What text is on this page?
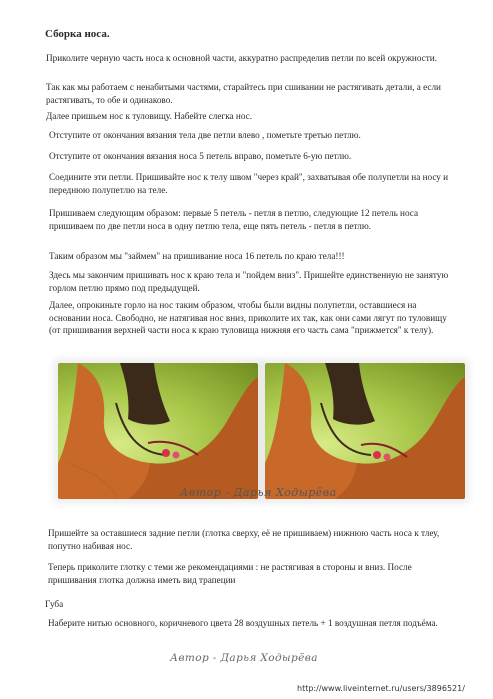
Сборка носа.

Приколите черную часть носа к основной части, аккуратно распределив петли по всей окружности.

Так как мы работаем с ненабитыми частями, старайтесь при сшивании не растягивать детали, а если растягивать, то обе и одинаково.

Далее пришьем нос к туловищу. Набейте слегка нос.

Отступите от окончания вязания тела две петли влево , пометьте третью петлю.

Отступите от окончания вязания носа 5 петель вправо, пометьте 6-ую петлю.

Соедините эти петли. Пришивайте нос к телу швом "через край", захватывая обе полупетли на носу и переднюю полупетлю на теле.

Пришиваем следующим образом: первые 5 петель - петля в петлю, следующие 12 петель носа пришиваем по две петли носа в одну петлю тела, еще пять петель - петля в петлю.

Таким образом мы "займем" на пришивание носа 16 петель по краю тела!!!

Здесь мы закончим пришивать нос к краю тела и "пойдем вниз". Пришейте единственную не занятую горлом петлю прямо под предыдущей.

Далее, опрокиньте горло на нос таким образом, чтобы были видны полупетли, оставшиеся на основании носа. Свободно, не натягивая нос вниз, приколите их так, как они сами лягут по туловищу (от пришивания верхней части носа к краю туловища нижняя его часть сама "прижмется" к телу).

Автор - Дарья Ходырёва

Пришейте за оставшиеся задние петли (глотка сверху, её не пришиваем) нижнюю часть носа к тлеу, попутно набивая нос.

Теперь приколите глотку с теми же рекомендациями : не растягивая в стороны и вниз. После пришивания глотка должна иметь вид трапеции

Губа

Наберите нитью основного, коричневого цвета 28 воздушных петель + 1 воздушная петля подъёма.

Автор - Дарья Ходырёва
http://www.liveinternet.ru/users/3896521/
